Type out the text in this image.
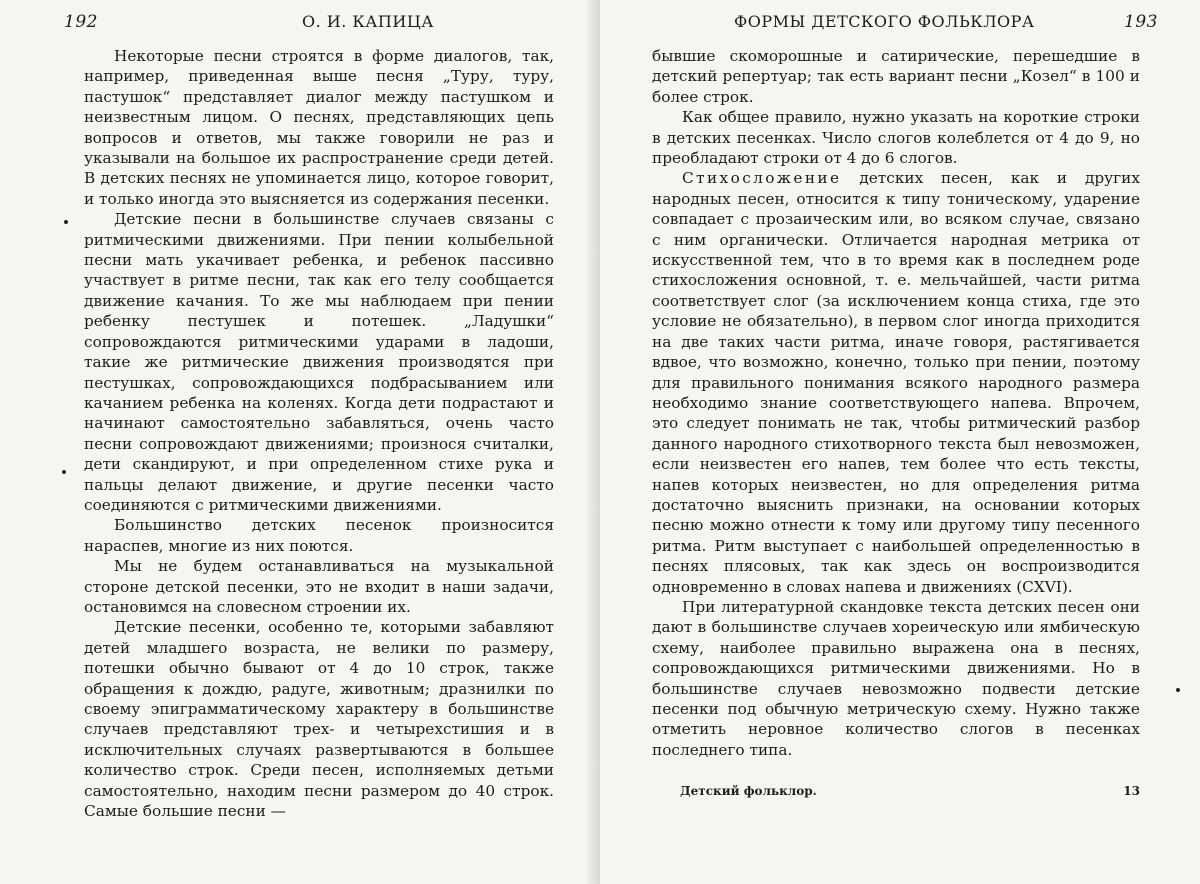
192	О. И. КАПИЦА

Некоторые песни строятся в форме диалогов, так, например, приведенная выше песня „Туру, туру, пастушок“ представляет диалог между пастушком и неизвестным лицом. О песнях, представляющих цепь вопросов и ответов, мы также говорили не раз и указывали на большое их распространение среди детей. В детских песнях не упоминается лицо, которое говорит, и только иногда это выясняется из содержания песенки.

Детские песни в большинстве случаев связаны с ритмическими движениями. При пении колыбельной песни мать укачивает ребенка, и ребенок пассивно участвует в ритме песни, так как его телу сообщается движение качания. То же мы наблюдаем при пении ребенку пестушек и потешек. „Ладушки“ сопровождаются ритмическими ударами в ладоши, такие же ритмические движения производятся при пестушках, сопровождающихся подбрасыванием или качанием ребенка на коленях. Когда дети подрастают и начинают самостоятельно забавляться, очень часто песни сопровождают движениями; произнося считалки, дети скандируют, и при определенном стихе рука и пальцы делают движение, и другие песенки часто соединяются с ритмическими движениями.

Большинство детских песенок произносится нараспев, многие из них поются.

Мы не будем останавливаться на музыкальной стороне детской песенки, это не входит в наши задачи, остановимся на словесном строении их.

Детские песенки, особенно те, которыми забавляют детей младшего возраста, не велики по размеру, потешки обычно бывают от 4 до 10 строк, также обращения к дождю, радуге, животным; дразнилки по своему эпиграмматическому характеру в большинстве случаев представляют трех- и четырехстишия и в исключительных случаях развертываются в большее количество строк. Среди песен, исполняемых детьми самостоятельно, находим песни размером до 40 строк. Самые большие песни —

ФОРМЫ ДЕТСКОГО ФОЛЬКЛОРА	193

бывшие скоморошные и сатирические, перешедшие в детский репертуар; так есть вариант песни „Козел“ в 100 и более строк.

Как общее правило, нужно указать на короткие строки в детских песенках. Число слогов колеблется от 4 до 9, но преобладают строки от 4 до 6 слогов.

Стихосложение детских песен, как и других народных песен, относится к типу тоническому, ударение совпадает с прозаическим или, во всяком случае, связано с ним органически. Отличается народная метрика от искусственной тем, что в то время как в последнем роде стихосложения основной, т. е. мельчайшей, части ритма соответствует слог (за исключением конца стиха, где это условие не обязательно), в первом слог иногда приходится на две таких части ритма, иначе говоря, растягивается вдвое, что возможно, конечно, только при пении, поэтому для правильного понимания всякого народного размера необходимо знание соответствующего напева. Впрочем, это следует понимать не так, чтобы ритмический разбор данного народного стихотворного текста был невозможен, если неизвестен его напев, тем более что есть тексты, напев которых неизвестен, но для определения ритма достаточно выяснить признаки, на основании которых песню можно отнести к тому или другому типу песенного ритма. Ритм выступает с наибольшей определенностью в песнях плясовых, так как здесь он воспроизводится одновременно в словах напева и движениях (CXVI).

При литературной скандовке текста детских песен они дают в большинстве случаев хореическую или ямбическую схему, наиболее правильно выражена она в песнях, сопровождающихся ритмическими движениями. Но в большинстве случаев невозможно подвести детские песенки под обычную метрическую схему. Нужно также отметить неровное количество слогов в песенках последнего типа.

Детский фольклор.	13
